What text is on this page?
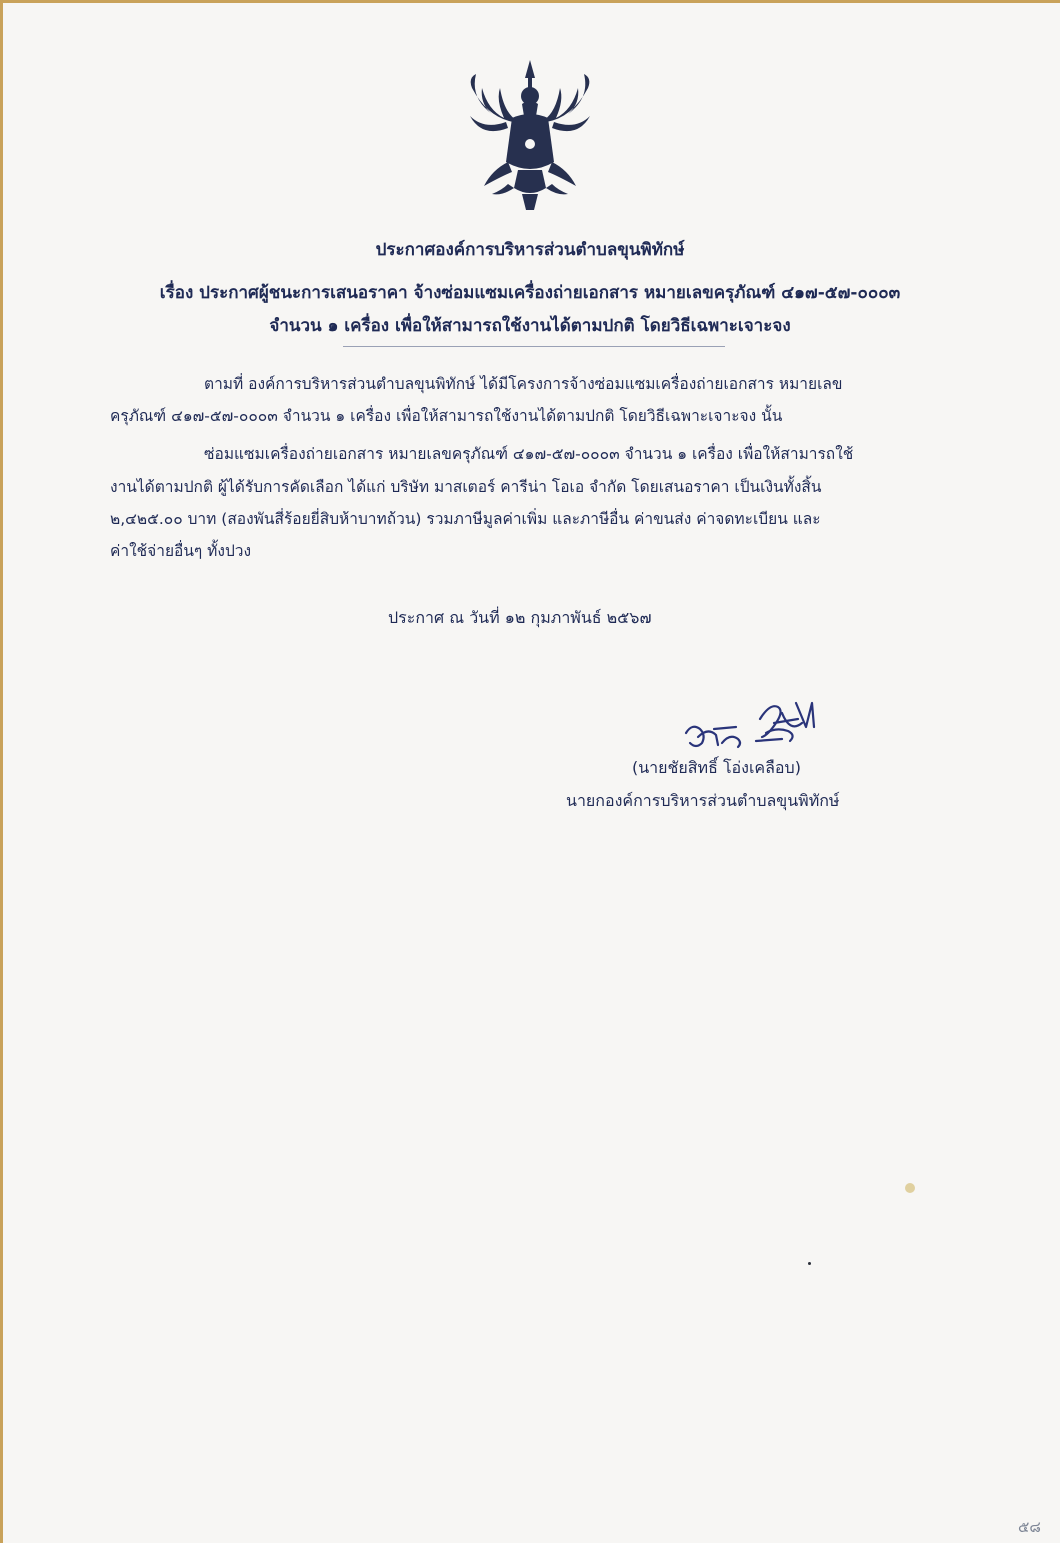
ประกาศองค์การบริหารส่วนตำบลขุนพิทักษ์
เรื่อง ประกาศผู้ชนะการเสนอราคา จ้างซ่อมแซมเครื่องถ่ายเอกสาร หมายเลขครุภัณฑ์ ๔๑๗-๕๗-๐๐๐๓
จำนวน ๑ เครื่อง เพื่อให้สามารถใช้งานได้ตามปกติ โดยวิธีเฉพาะเจาะจง
ตามที่ องค์การบริหารส่วนตำบลขุนพิทักษ์ ได้มีโครงการจ้างซ่อมแซมเครื่องถ่ายเอกสาร หมายเลข
ครุภัณฑ์ ๔๑๗-๕๗-๐๐๐๓ จำนวน ๑ เครื่อง เพื่อให้สามารถใช้งานได้ตามปกติ โดยวิธีเฉพาะเจาะจง นั้น
ซ่อมแซมเครื่องถ่ายเอกสาร หมายเลขครุภัณฑ์ ๔๑๗-๕๗-๐๐๐๓ จำนวน ๑ เครื่อง เพื่อให้สามารถใช้
งานได้ตามปกติ ผู้ได้รับการคัดเลือก ได้แก่ บริษัท มาสเตอร์ คารีน่า โอเอ จำกัด โดยเสนอราคา เป็นเงินทั้งสิ้น
๒,๔๒๕.๐๐ บาท (สองพันสี่ร้อยยี่สิบห้าบาทถ้วน) รวมภาษีมูลค่าเพิ่ม และภาษีอื่น ค่าขนส่ง ค่าจดทะเบียน และ
ค่าใช้จ่ายอื่นๆ ทั้งปวง
ประกาศ ณ วันที่ ๑๒ กุมภาพันธ์ ๒๕๖๗
(นายชัยสิทธิ์ โอ่งเคลือบ)
นายกองค์การบริหารส่วนตำบลขุนพิทักษ์
๕๘
